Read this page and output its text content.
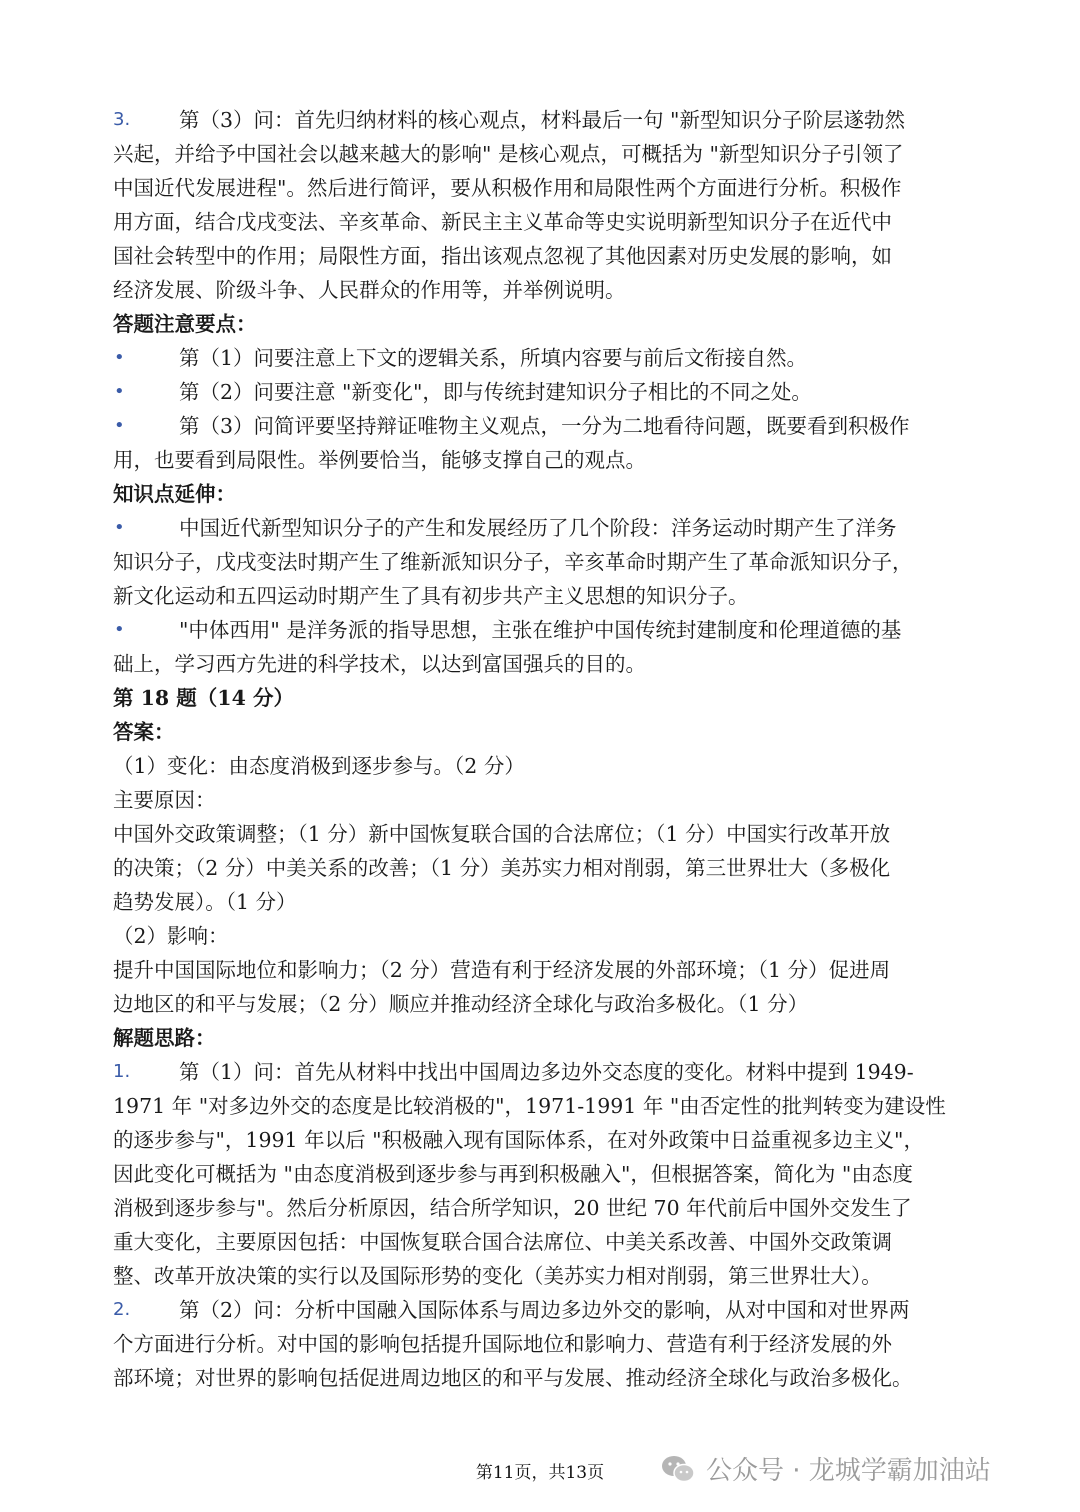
3.	第（3）问：首先归纳材料的核心观点，材料最后一句 "新型知识分子阶层遂勃然
兴起，并给予中国社会以越来越大的影响" 是核心观点，可概括为 "新型知识分子引领了
中国近代发展进程"。然后进行简评，要从积极作用和局限性两个方面进行分析。积极作
用方面，结合戊戌变法、辛亥革命、新民主主义革命等史实说明新型知识分子在近代中
国社会转型中的作用；局限性方面，指出该观点忽视了其他因素对历史发展的影响，如
经济发展、阶级斗争、人民群众的作用等，并举例说明。
答题注意要点：
•	第（1）问要注意上下文的逻辑关系，所填内容要与前后文衔接自然。
•	第（2）问要注意 "新变化"，即与传统封建知识分子相比的不同之处。
•	第（3）问简评要坚持辩证唯物主义观点，一分为二地看待问题，既要看到积极作
用，也要看到局限性。举例要恰当，能够支撑自己的观点。
知识点延伸：
•	中国近代新型知识分子的产生和发展经历了几个阶段：洋务运动时期产生了洋务
知识分子，戊戌变法时期产生了维新派知识分子，辛亥革命时期产生了革命派知识分子，
新文化运动和五四运动时期产生了具有初步共产主义思想的知识分子。
•	"中体西用" 是洋务派的指导思想，主张在维护中国传统封建制度和伦理道德的基
础上，学习西方先进的科学技术，以达到富国强兵的目的。
第 18 题（14 分）
答案：
（1）变化：由态度消极到逐步参与。（2 分）
主要原因：
中国外交政策调整；（1 分）新中国恢复联合国的合法席位；（1 分）中国实行改革开放
的决策；（2 分）中美关系的改善；（1 分）美苏实力相对削弱，第三世界壮大（多极化
趋势发展）。（1 分）
（2）影响：
提升中国国际地位和影响力；（2 分）营造有利于经济发展的外部环境；（1 分）促进周
边地区的和平与发展；（2 分）顺应并推动经济全球化与政治多极化。（1 分）
解题思路：
1.	第（1）问：首先从材料中找出中国周边多边外交态度的变化。材料中提到 1949-
1971 年 "对多边外交的态度是比较消极的"，1971-1991 年 "由否定性的批判转变为建设性
的逐步参与"，1991 年以后 "积极融入现有国际体系，在对外政策中日益重视多边主义"，
因此变化可概括为 "由态度消极到逐步参与再到积极融入"，但根据答案，简化为 "由态度
消极到逐步参与"。然后分析原因，结合所学知识，20 世纪 70 年代前后中国外交发生了
重大变化，主要原因包括：中国恢复联合国合法席位、中美关系改善、中国外交政策调
整、改革开放决策的实行以及国际形势的变化（美苏实力相对削弱，第三世界壮大）。
2.	第（2）问：分析中国融入国际体系与周边多边外交的影响，从对中国和对世界两
个方面进行分析。对中国的影响包括提升国际地位和影响力、营造有利于经济发展的外
部环境；对世界的影响包括促进周边地区的和平与发展、推动经济全球化与政治多极化。
第11页，共13页	公众号 · 龙城学霸加油站
